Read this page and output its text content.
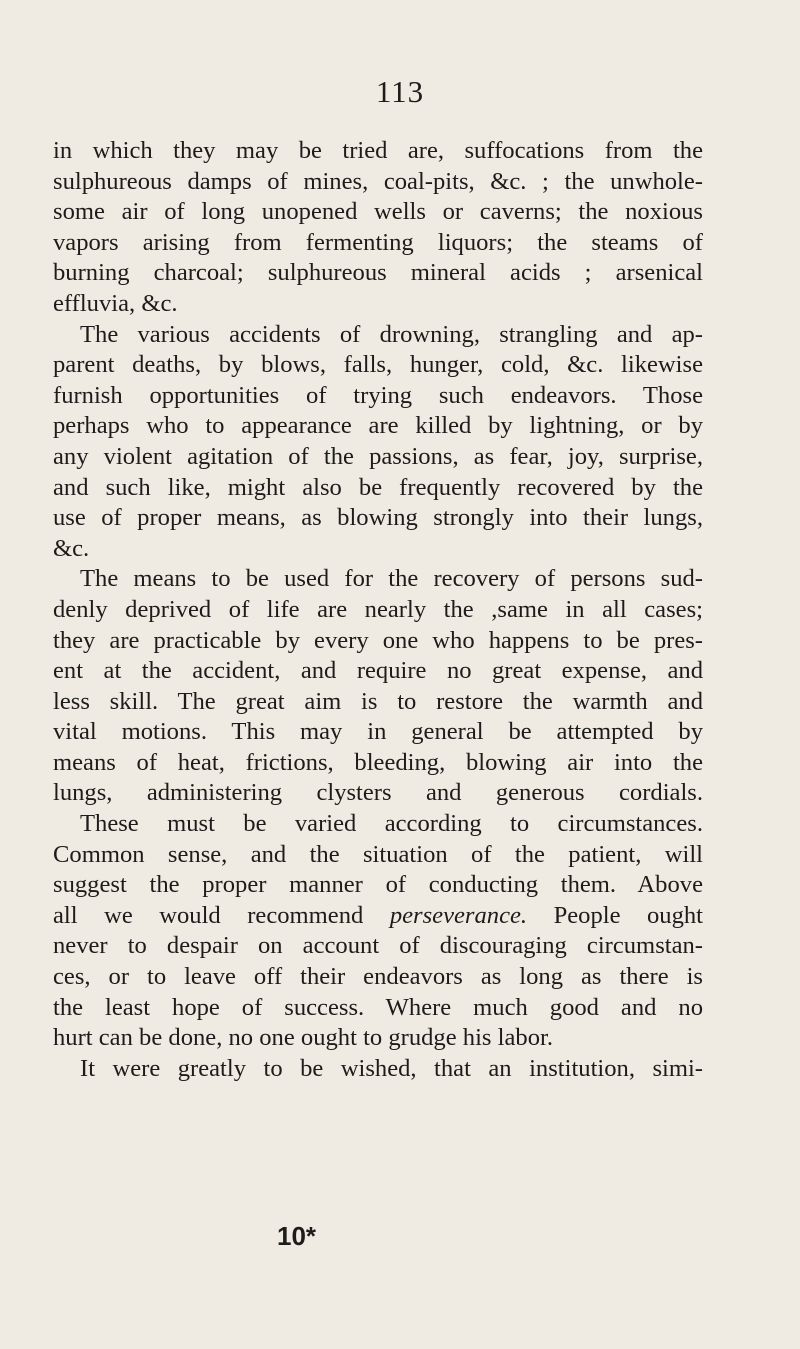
113
in which they may be tried are, suffocations from the
sulphureous damps of mines, coal-pits, &c. ; the unwhole-
some air of long unopened wells or caverns; the noxious
vapors arising from fermenting liquors; the steams of
burning charcoal; sulphureous mineral acids ; arsenical
effluvia, &c.
The various accidents of drowning, strangling and ap-
parent deaths, by blows, falls, hunger, cold, &c. likewise
furnish opportunities of trying such endeavors. Those
perhaps who to appearance are killed by lightning, or by
any violent agitation of the passions, as fear, joy, surprise,
and such like, might also be frequently recovered by the
use of proper means, as blowing strongly into their lungs,
&c.
The means to be used for the recovery of persons sud-
denly deprived of life are nearly the ,same in all cases;
they are practicable by every one who happens to be pres-
ent at the accident, and require no great expense, and
less skill. The great aim is to restore the warmth and
vital motions. This may in general be attempted by
means of heat, frictions, bleeding, blowing air into the
lungs, administering clysters and generous cordials.
These must be varied according to circumstances.
Common sense, and the situation of the patient, will
suggest the proper manner of conducting them. Above
all we would recommend perseverance. People ought
never to despair on account of discouraging circumstan-
ces, or to leave off their endeavors as long as there is
the least hope of success. Where much good and no
hurt can be done, no one ought to grudge his labor.
It were greatly to be wished, that an institution, simi-
10*
